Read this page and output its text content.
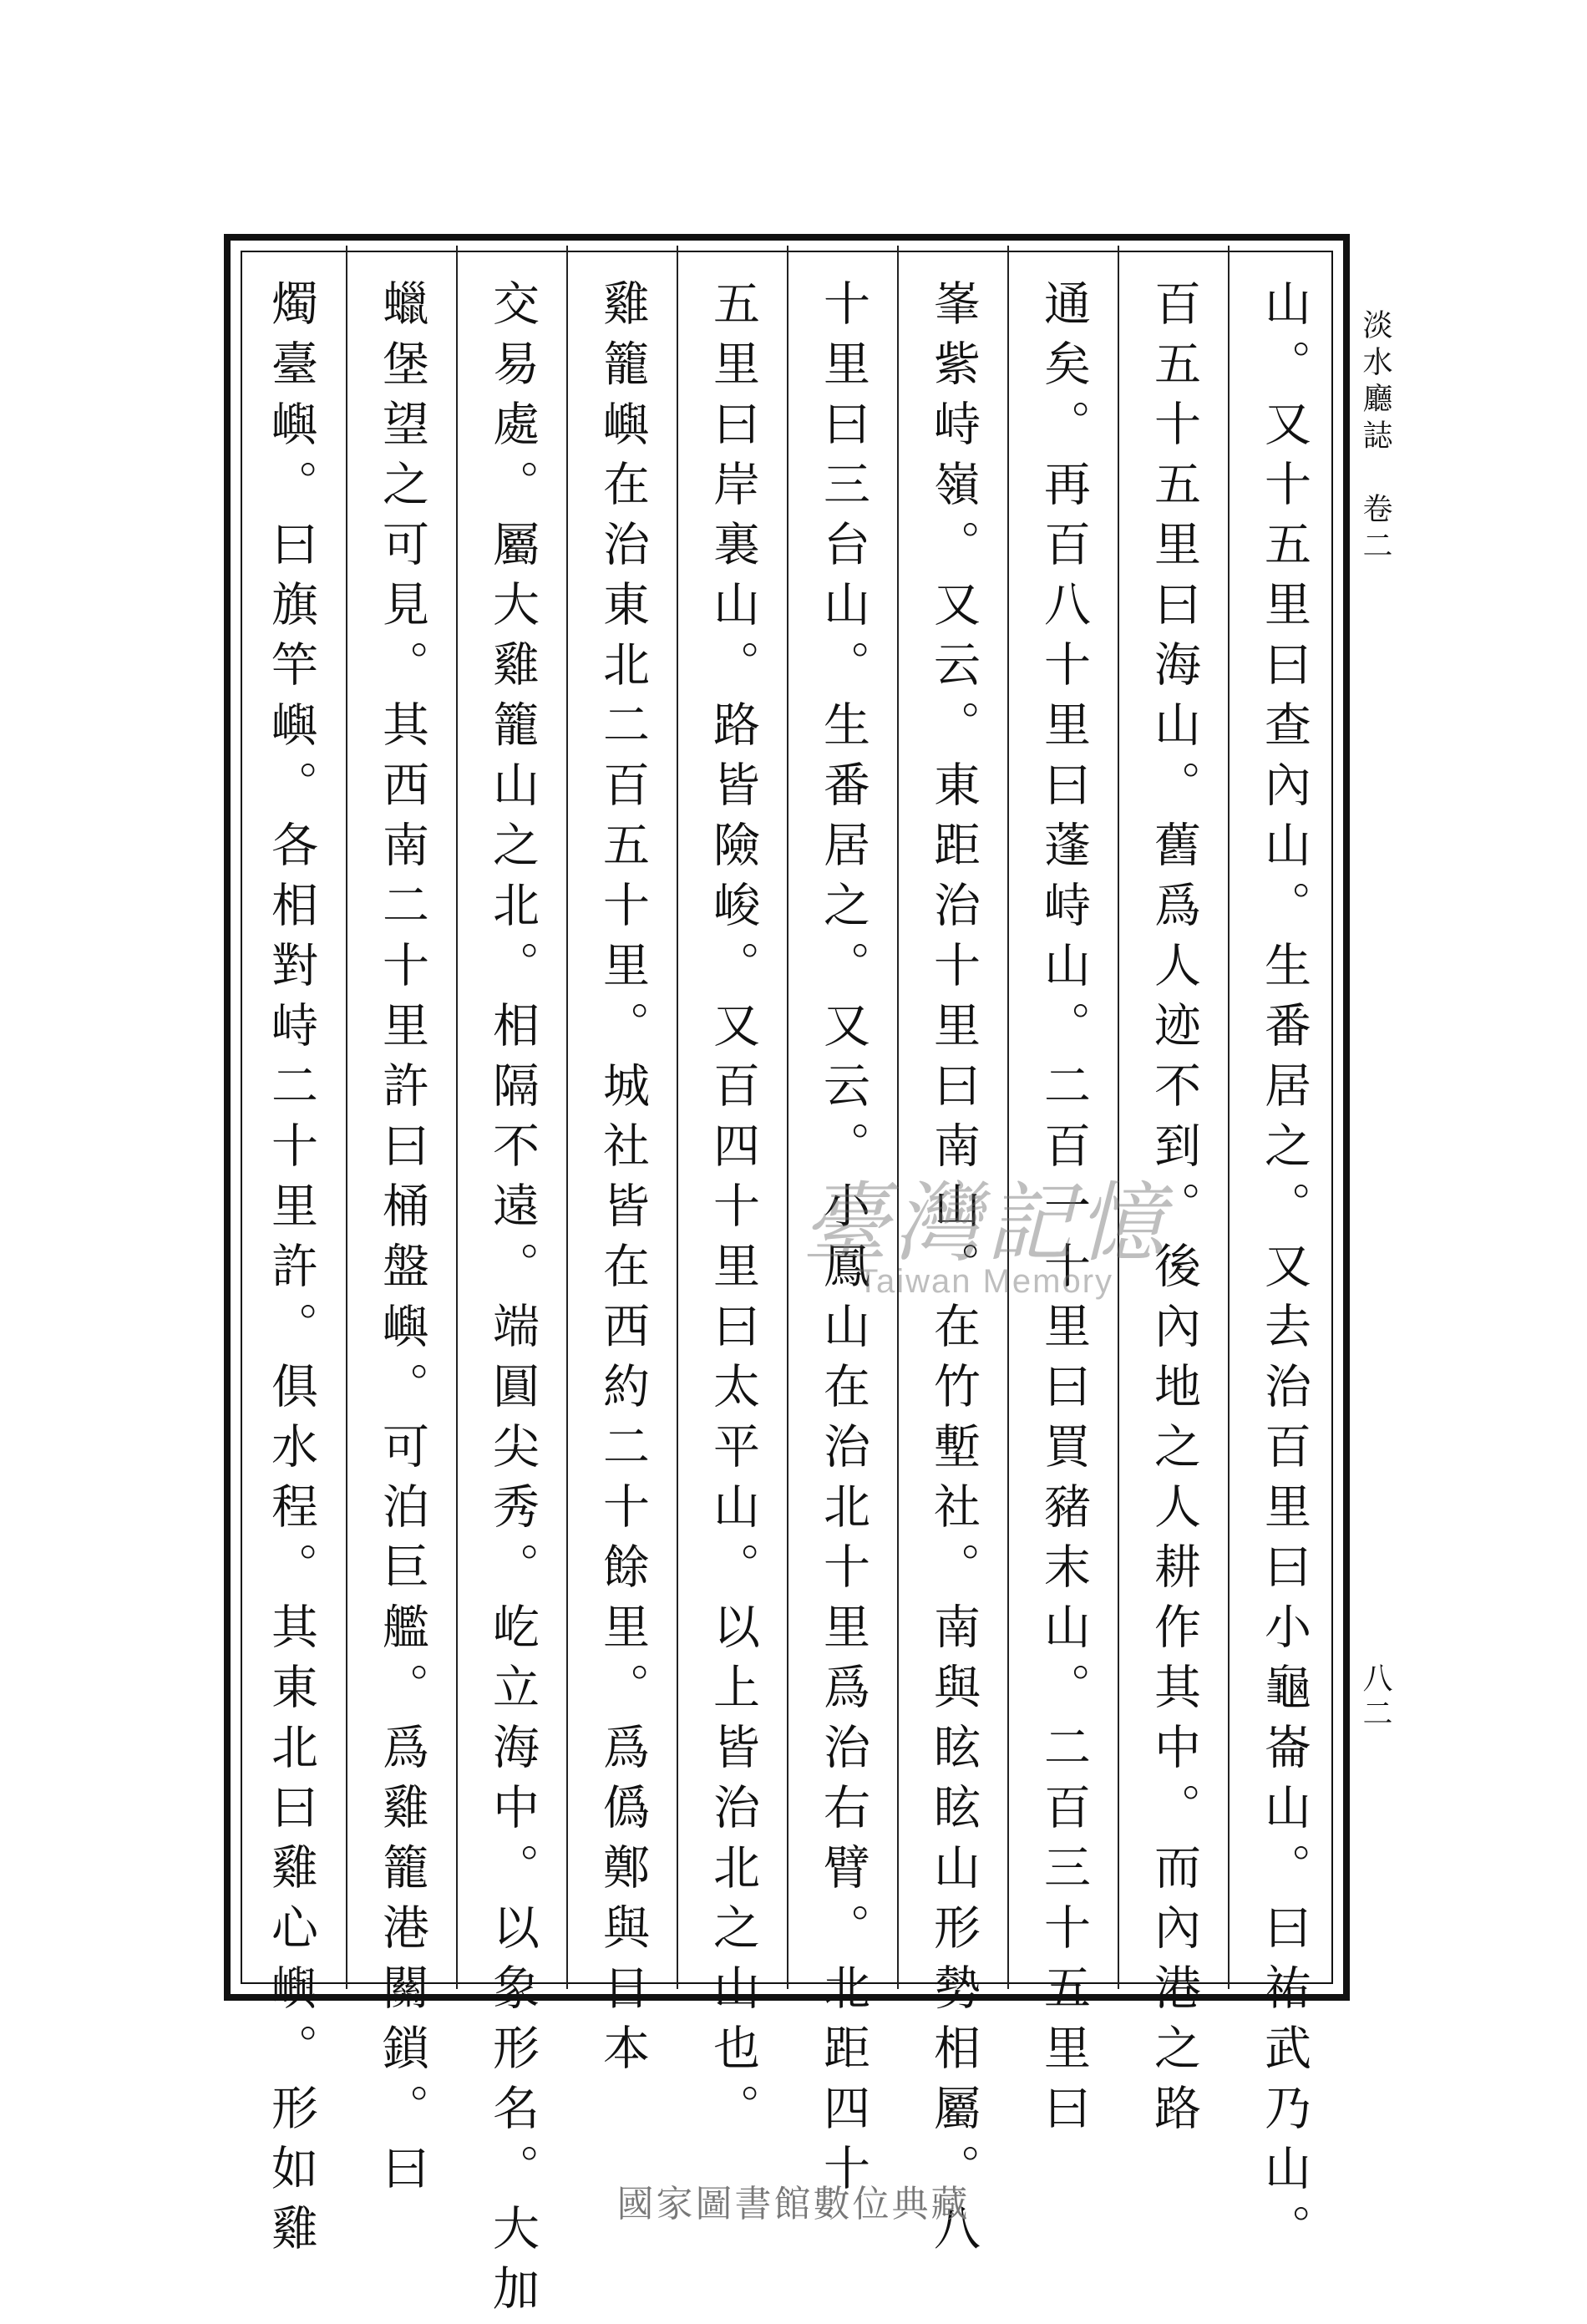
山。又十五里曰查內山。生番居之。又去治百里曰小龜崙山。曰祐武乃山。
百五十五里曰海山。舊爲人迹不到。後內地之人耕作其中。而內港之路
通矣。再百八十里曰蓬峙山。二百一十里曰買豬末山。二百三十五里曰
峯紫峙嶺。又云。東距治十里曰南山。在竹塹社。南與眩眩山形勢相屬。八
十里曰三台山。生番居之。又云。小鳳山在治北十里爲治右臂。北距四十
五里曰岸裏山。路皆險峻。又百四十里曰太平山。以上皆治北之山也。
雞籠嶼在治東北二百五十里。城社皆在西約二十餘里。爲僞鄭與日本
交易處。屬大雞籠山之北。相隔不遠。端圓尖秀。屹立海中。以象形名。大加
蠟堡望之可見。其西南二十里許曰桶盤嶼。可泊巨艦。爲雞籠港關鎖。曰
燭臺嶼。曰旗竿嶼。各相對峙二十里許。俱水程。其東北曰雞心嶼。形如雞	淡水廳誌　卷二
八二
臺灣記憶
Taiwan Memory
國家圖書館數位典藏
